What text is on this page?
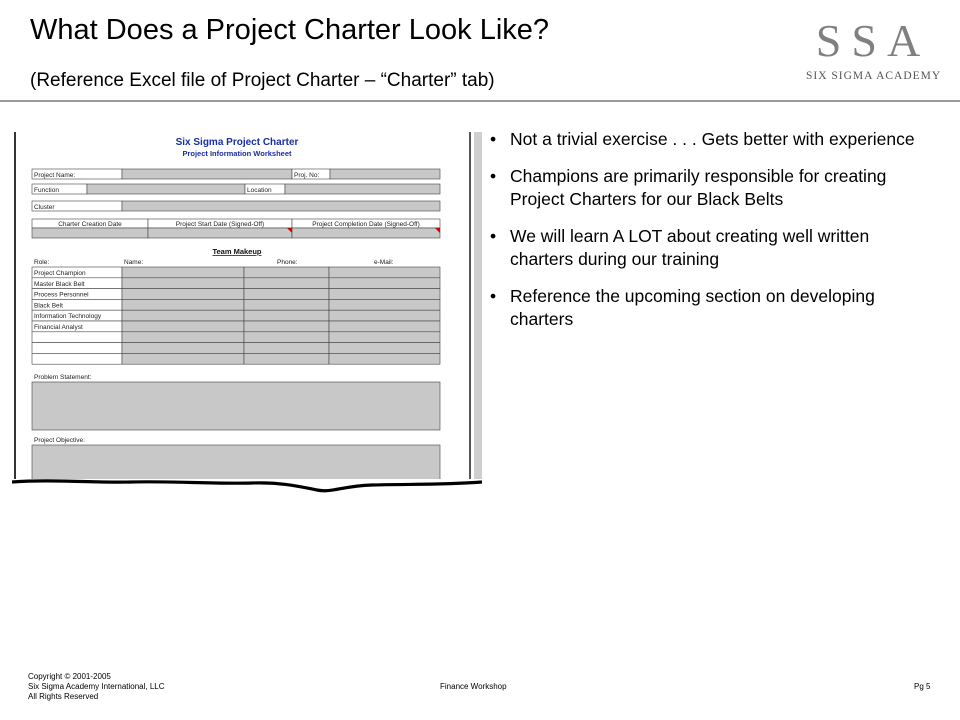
What Does a Project Charter Look Like?
(Reference Excel file of Project Charter – “Charter” tab)
SSA
SIX SIGMA ACADEMY
Six Sigma Project Charter
Project Information Worksheet
Project Name:	Proj. No:
Function	Location
Cluster
Charter Creation Date	Project Start Date (Signed-Off)	Project Completion Date (Signed-Off)
Team Makeup
Role:	Name:	Phone:	e-Mail:
Project Champion
Master Black Belt
Process Personnel
Black Belt
Information Technology
Financial Analyst
Problem Statement:
Project Objective:
• Not a trivial exercise . . . Gets better with experience
• Champions are primarily responsible for creating Project Charters for our Black Belts
• We will learn A LOT about creating well written charters during our training
• Reference the upcoming section on developing charters
Copyright © 2001-2005
Six Sigma Academy International, LLC
All Rights Reserved
Finance Workshop	Pg 5
